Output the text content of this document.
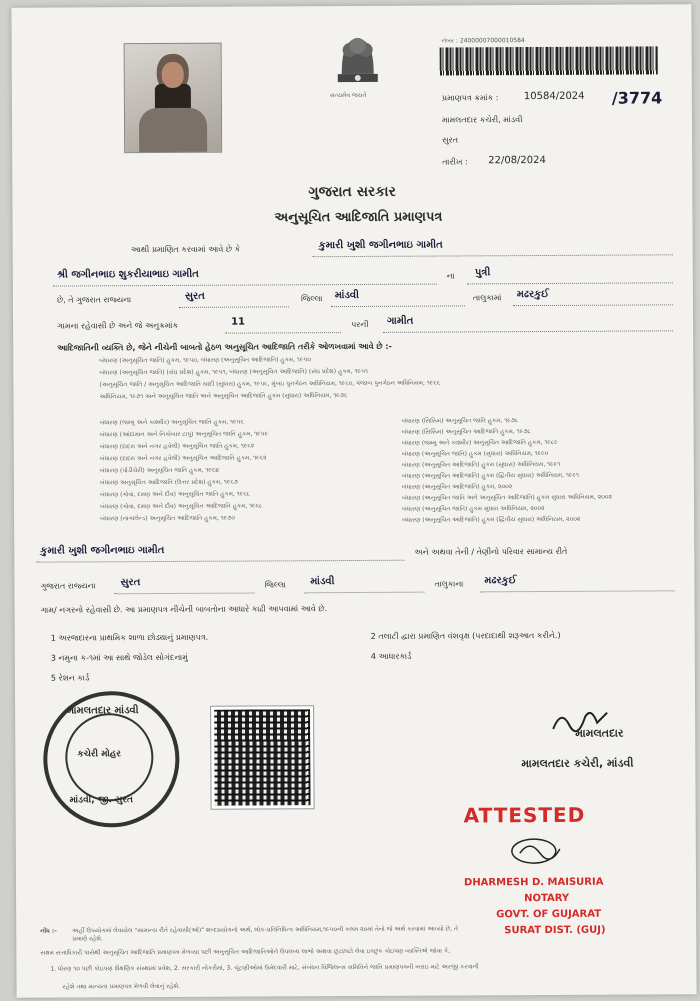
સત્યમેવ જયતે
નંબર : 24000007000010584
પ્રમાણપત્ર ક્રમાંક :	10584/2024 /3774
મામલતદાર કચેરી, માંડવી
સુરત
તારીખ : 22/08/2024
ગુજરાત સરકાર
અનુસૂચિત આદિજાતિ પ્રમાણપત્ર
આથી પ્રમાણિત કરવામાં આવે છે કે	કુમારી ખુશી જગીનભાઇ ગામીત
શ્રી જગીનભાઇ શુકરીયાભાઇ ગામીત	ના પુત્રી
છે, તે ગુજરાત રાજ્યના	સુરત	જિલ્લા માંડવી	તાલુકામાં મઢરકુઈ
ગામના રહેવાસી છે અને જે અનુક્રમાંક	11	પરની ગામીત
આદિજાતિની વ્યક્તિ છે, જેને નીચેની બાબતો હેઠળ અનુસૂચિત આદિજાતિ તરીકે ઓળખવામાં આવે છે :-
બંધારણ (અનુસૂચિત જાતિ) હુકમ, ૧૯૫૦, બંધારણ (અનુસૂચિત આદિજાતિ) હુકમ, ૧૯૫૦
બંધારણ (અનુસૂચિત જાતિ) (સંઘ પ્રદેશ) હુકમ, ૧૯૫૧, બંધારણ (અનુસૂચિત આદિજાતિ) (સંઘ પ્રદેશ) હુકમ, ૧૯૫૧
(અનુસૂચિત જાતિ / અનુસૂચિત આદિજાતિ યાદી (સુધારા) હુકમ, ૧૯૫૬, મુંબઇ પુનર્ગઠન અધિનિયમ, ૧૯૬૦, પંજાબ પુનર્ગઠન અધિનિયમ, ૧૯૬૬
અધિનિયમ, ૧૯૭૧ અને અનુસૂચિત જાતિ અને અનુસૂચિત આદિજાતિ હુકમ (સુધારા) અધિનિયમ, ૧૯૭૬
બંધારણ (જમ્મુ અને કાશ્મીર) અનુસૂચિત જાતિ હુકમ, ૧૯૫૬
બંધારણ (આંદામાન અને નિકોબાર ટાપુ) અનુસૂચિત જાતિ હુકમ, ૧૯૫૯
બંધારણ (દાદરા અને નગર હવેલી) અનુસૂચિત જાતિ હુકમ, ૧૯૬૨
બંધારણ (દાદરા અને નગર હવેલી) અનુસૂચિત આદિજાતિ હુકમ, ૧૯૬૨
બંધારણ (પોંડીચેરી) અનુસૂચિત જાતિ હુકમ, ૧૯૬૪
બંધારણ અનુસૂચિત આદિજાતિ (ઉત્તર પ્રદેશ) હુકમ, ૧૯૬૭
બંધારણ (ગોવા, દમણ અને દીવ) અનુસૂચિત જાતિ હુકમ, ૧૯૬૮
બંધારણ (ગોવા, દમણ અને દીવ) અનુસૂચિત આદિજાતિ હુકમ, ૧૯૬૮
બંધારણ (નાગાલેન્ડ) અનુસૂચિત આદિજાતિ હુકમ, ૧૯૭૦
બંધારણ (સિક્કિમ) અનુસૂચિત જાતિ હુકમ, ૧૯૭૮
બંધારણ (સિક્કિમ) અનુસૂચિત આદિજાતિ હુકમ, ૧૯૭૮
બંધારણ (જમ્મુ અને કાશ્મીર) અનુસૂચિત આદિજાતિ હુકમ, ૧૯૮૯
બંધારણ (અનુસૂચિત જાતિ) હુકમ (સુધારા) અધિનિયમ, ૧૯૯૦
બંધારણ (અનુસૂચિત આદિજાતિ) હુકમ (સુધારા) અધિનિયમ, ૧૯૯૧
બંધારણ (અનુસૂચિત આદિજાતિ) હુકમ (દ્વિતીય સુધારા) અધિનિયમ, ૧૯૯૧
બંધારણ (અનુસૂચિત આદિજાતિ) હુકમ, ૨૦૦૨
બંધારણ (અનુસૂચિત જાતિ અને અનુસૂચિત આદિજાતિ) હુકમ સુધારા અધિનિયમ, ૨૦૦૨
બંધારણ (અનુસૂચિત જાતિ) હુકમ સુધારા અધિનિયમ, ૨૦૦૨
બંધારણ (અનુસૂચિત આદિજાતિ) હુકમ (દ્વિતીય સુધારા) અધિનિયમ, ૨૦૦૨
કુમારી ખુશી જગીનભાઇ ગામીત	અને અથવા તેની / તેણીનો પરિવાર સામાન્ય રીતે
ગુજરાત રાજ્યના સુરત	જિલ્લા માંડવી	તાલુકાના મઢરકુઈ
ગામ/ નગરનો રહેવાસી છે. આ પ્રમાણપત્ર નીચેની બાબતોના આધારે કાઢી આપવામાં આવે છે.
1 અરજદારના પ્રાથમિક શાળા છોડ્યાનું પ્રમાણપત્ર.	2 તલાટી દ્વારા પ્રમાણિત વંશવૃક્ષ (પરદાદાથી શરૂઆત કરીને.)
3 નમુના ક-૧માં આ સાથે જોડેલ સોગંદનામું	4 આધારકાર્ડ
5 રેશન કાર્ડ
મામલતદાર માંડવી
કચેરી મોહર
માંડવી, જી. સુરત
મામલતદાર
મામલતદાર કચેરી, માંડવી
ATTESTED
DHARMESH D. MAISURIA
NOTARY
GOVT. OF GUJARAT
SURAT DIST. (GUJ)
નોંધ :-	અહીં ઉપયોગમાં લેવાયેલ "સામાન્ય રીતે રહેવાસી(ઓ)" શબ્દપ્રયોગનો અર્થ, લોક-પ્રતિનિધિત્વ અધિનિયમ,૧૯૫૦ની કલમ ૨૦માં તેનો જે અર્થ કરવામાં આવ્યો છે, તે પ્રમાણે રહેશે.
સક્ષમ સત્તાધિકારી પાસેથી અનુસૂચિત આદિજાતિ પ્રમાણપત્ર મેળવ્યા પછી અનુસૂચિત આદિજાતિઓને ઉપલબ્ધ લાભો અથવા છૂટછાટો લેવા ઇચ્છુક કોઇપણ વ્યક્તિએ જોવા કે,
1. ધોરણ ૧૦ પછી કોઇપણ શૈક્ષણિક સંસ્થામાં પ્રવેશ, 2. સરકારી નોકરીમાં, 3. ચૂંટણીઓમાં ઉમેદવારી માટે, સંબંધન વિજિલન્સ સમિતિને જાતિ પ્રમાણપત્રની ખરાઇ માટે અરજી કરવાની
રહેશે તથા માન્યતા પ્રમાણપત્ર મેળવી લેવાનું રહેશે.
